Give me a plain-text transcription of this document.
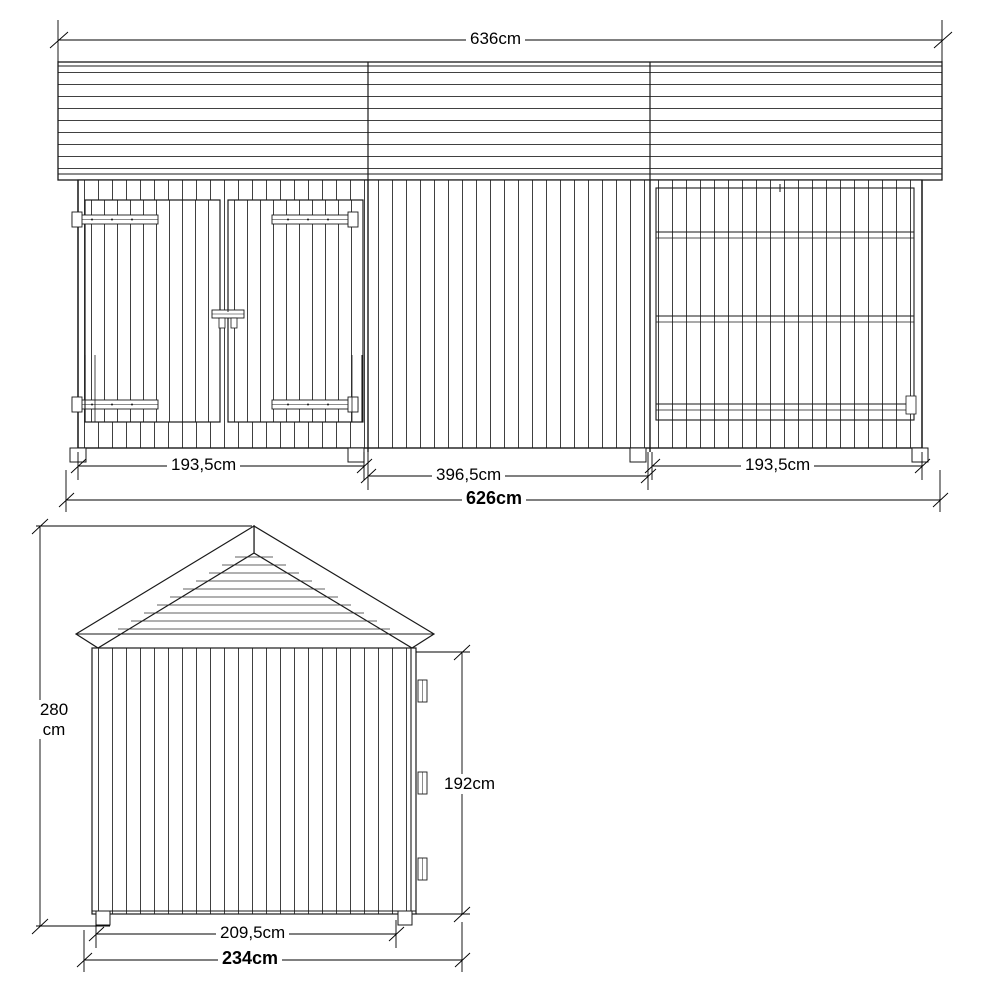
636cm
193,5cm
396,5cm
193,5cm
626cm
280
cm
192cm
209,5cm
234cm
